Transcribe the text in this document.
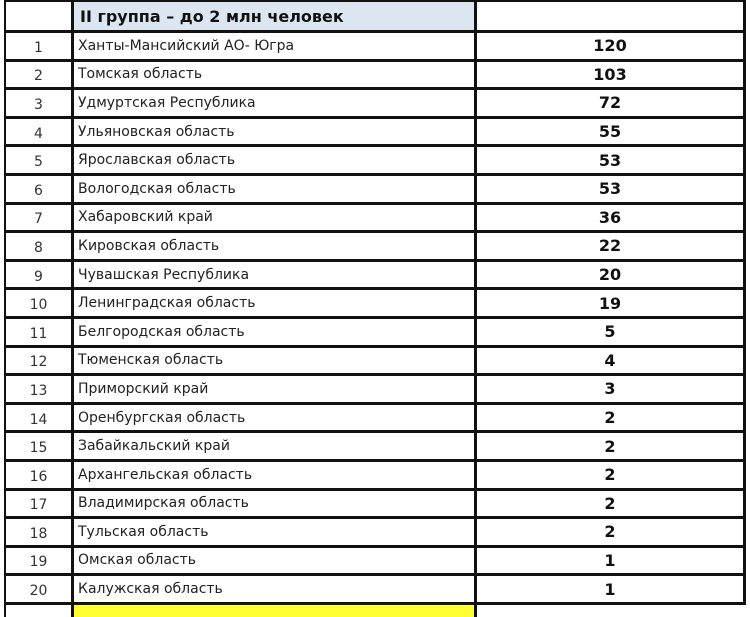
II группа – до 2 млн человек
1	Ханты-Мансийский АО- Югра	120
2	Томская область	103
3	Удмуртская Республика	72
4	Ульяновская область	55
5	Ярославская область	53
6	Вологодская область	53
7	Хабаровский край	36
8	Кировская область	22
9	Чувашская Республика	20
10	Ленинградская область	19
11	Белгородская область	5
12	Тюменская область	4
13	Приморский край	3
14	Оренбургская область	2
15	Забайкальский край	2
16	Архангельская область	2
17	Владимирская область	2
18	Тульская область	2
19	Омская область	1
20	Калужская область	1
